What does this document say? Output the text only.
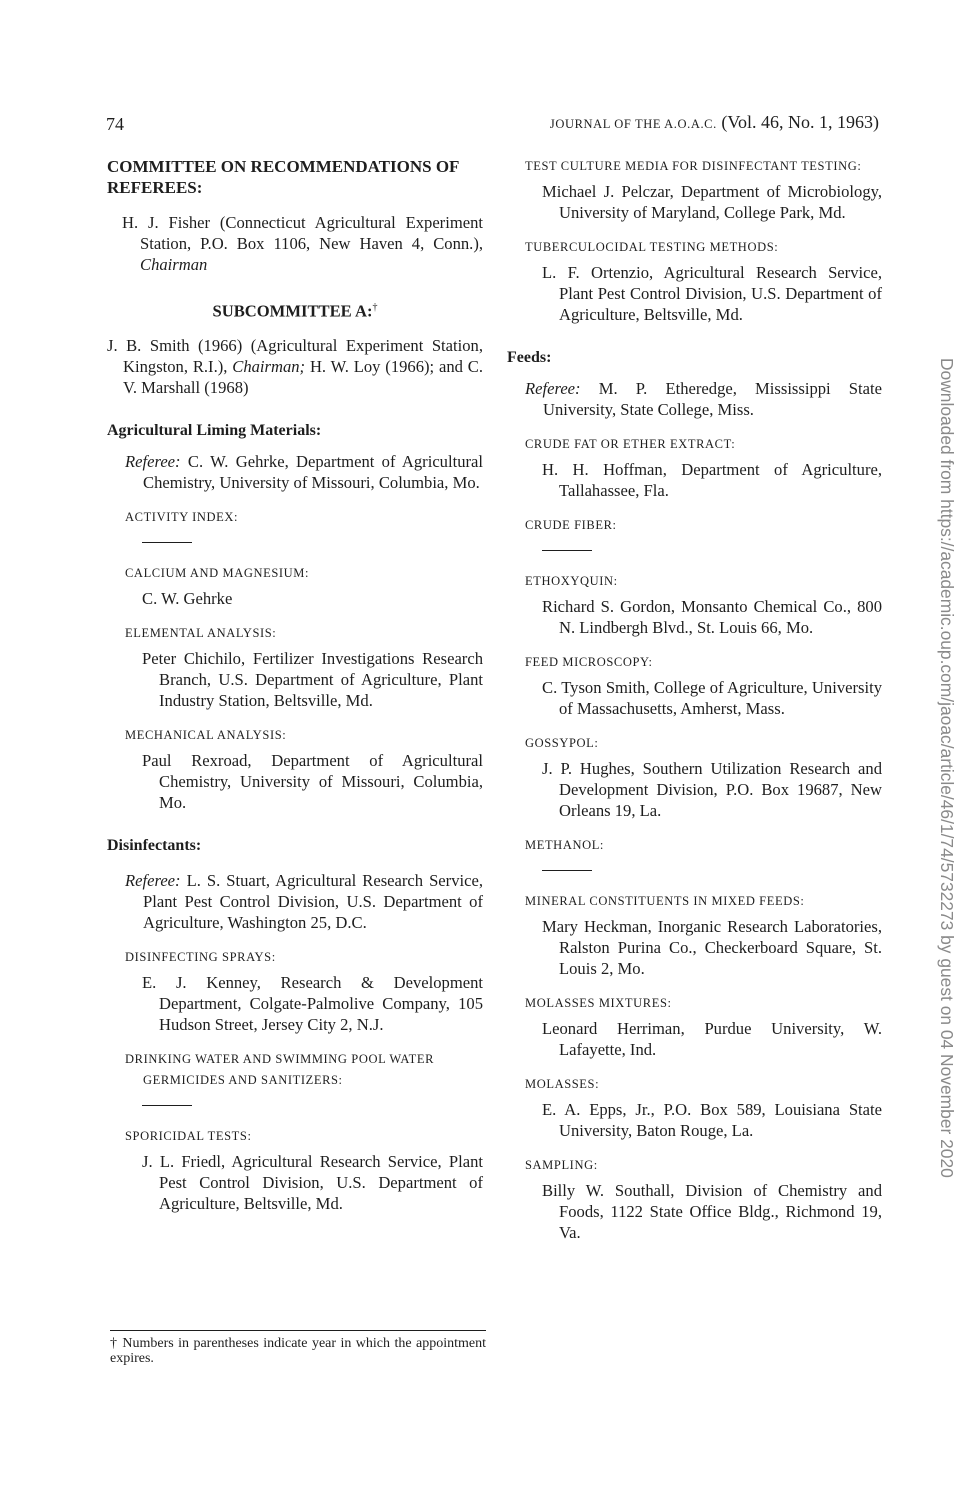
74	JOURNAL OF THE A.O.A.C. (Vol. 46, No. 1, 1963)
COMMITTEE ON RECOMMENDATIONS OF REFEREES:

H. J. Fisher (Connecticut Agricultural Experiment Station, P.O. Box 1106, New Haven 4, Conn.), Chairman

SUBCOMMITTEE A:†

J. B. Smith (1966) (Agricultural Experiment Station, Kingston, R.I.), Chairman; H. W. Loy (1966); and C. V. Marshall (1968)

Agricultural Liming Materials:

Referee: C. W. Gehrke, Department of Agricultural Chemistry, University of Missouri, Columbia, Mo.

ACTIVITY INDEX:
CALCIUM AND MAGNESIUM:

C. W. Gehrke

ELEMENTAL ANALYSIS:

Peter Chichilo, Fertilizer Investigations Research Branch, U.S. Department of Agriculture, Plant Industry Station, Beltsville, Md.

MECHANICAL ANALYSIS:

Paul Rexroad, Department of Agricultural Chemistry, University of Missouri, Columbia, Mo.

Disinfectants:

Referee: L. S. Stuart, Agricultural Research Service, Plant Pest Control Division, U.S. Department of Agriculture, Washington 25, D.C.

DISINFECTING SPRAYS:

E. J. Kenney, Research & Development Department, Colgate-Palmolive Company, 105 Hudson Street, Jersey City 2, N.J.

DRINKING WATER AND SWIMMING POOL WATER GERMICIDES AND SANITIZERS:
SPORICIDAL TESTS:

J. L. Friedl, Agricultural Research Service, Plant Pest Control Division, U.S. Department of Agriculture, Beltsville, Md.

TEST CULTURE MEDIA FOR DISINFECTANT TESTING:

Michael J. Pelczar, Department of Microbiology, University of Maryland, College Park, Md.

TUBERCULOCIDAL TESTING METHODS:

L. F. Ortenzio, Agricultural Research Service, Plant Pest Control Division, U.S. Department of Agriculture, Beltsville, Md.

Feeds:

Referee: M. P. Etheredge, Mississippi State University, State College, Miss.

CRUDE FAT OR ETHER EXTRACT:

H. H. Hoffman, Department of Agriculture, Tallahassee, Fla.

CRUDE FIBER:
ETHOXYQUIN:

Richard S. Gordon, Monsanto Chemical Co., 800 N. Lindbergh Blvd., St. Louis 66, Mo.

FEED MICROSCOPY:

C. Tyson Smith, College of Agriculture, University of Massachusetts, Amherst, Mass.

GOSSYPOL:

J. P. Hughes, Southern Utilization Research and Development Division, P.O. Box 19687, New Orleans 19, La.

METHANOL:
MINERAL CONSTITUENTS IN MIXED FEEDS:

Mary Heckman, Inorganic Research Laboratories, Ralston Purina Co., Checkerboard Square, St. Louis 2, Mo.

MOLASSES MIXTURES:

Leonard Herriman, Purdue University, W. Lafayette, Ind.

MOLASSES:

E. A. Epps, Jr., P.O. Box 589, Louisiana State University, Baton Rouge, La.

SAMPLING:

Billy W. Southall, Division of Chemistry and Foods, 1122 State Office Bldg., Richmond 19, Va.

† Numbers in parentheses indicate year in which the appointment expires.
Downloaded from https://academic.oup.com/jaoac/article/46/1/74/5732273 by guest on 04 November 2020
